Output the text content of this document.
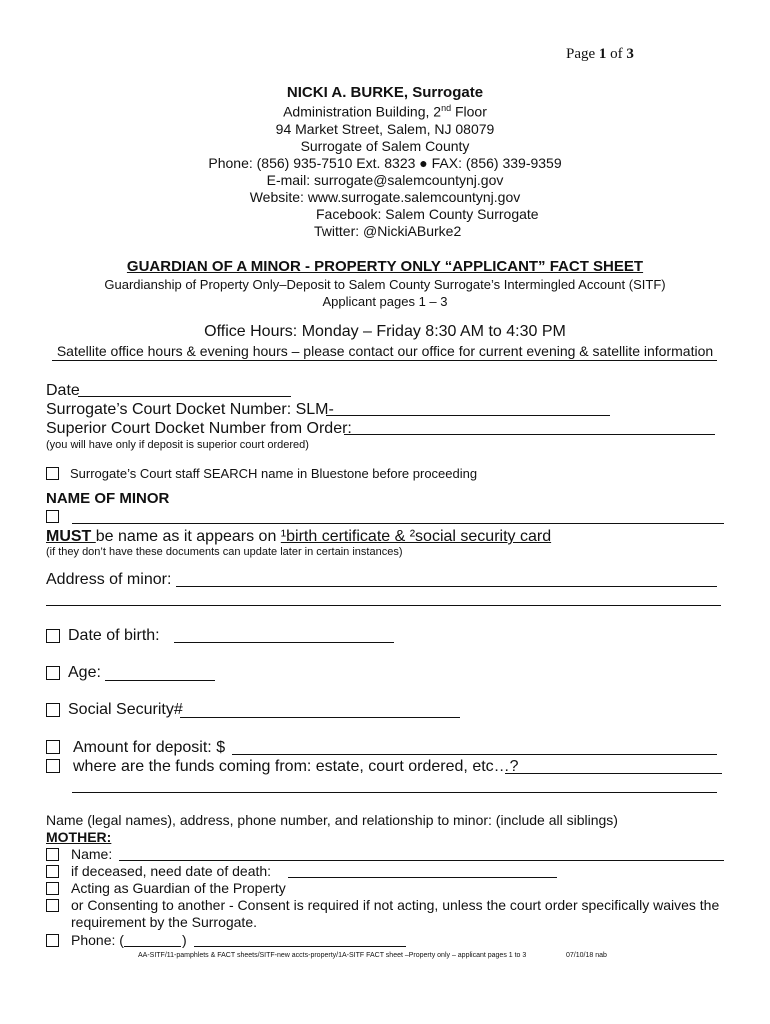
Page 1 of 3
NICKI A. BURKE, Surrogate
Administration Building, 2nd Floor
94 Market Street, Salem, NJ 08079
Surrogate of Salem County
Phone: (856) 935-7510 Ext. 8323 ● FAX: (856) 339-9359
E-mail: surrogate@salemcountynj.gov
Website: www.surrogate.salemcountynj.gov
Facebook: Salem County Surrogate
Twitter: @NickiABurke2
GUARDIAN OF A MINOR - PROPERTY ONLY “APPLICANT” FACT SHEET
Guardianship of Property Only–Deposit to Salem County Surrogate’s Intermingled Account (SITF)
Applicant pages 1 – 3
Office Hours: Monday – Friday 8:30 AM to 4:30 PM
Satellite office hours & evening hours – please contact our office for current evening & satellite information
Date
Surrogate’s Court Docket Number: SLM-
Superior Court Docket Number from Order:
(you will have only if deposit is superior court ordered)
Surrogate’s Court staff SEARCH name in Bluestone before proceeding
NAME OF MINOR
MUST be name as it appears on ¹birth certificate & ²social security card
(if they don’t have these documents can update later in certain instances)
Address of minor:
Date of birth:
Age:
Social Security#
Amount for deposit: $
where are the funds coming from: estate, court ordered, etc…?
Name (legal names), address, phone number, and relationship to minor: (include all siblings)
MOTHER:
Name:
if deceased, need date of death:
Acting as Guardian of the Property
or Consenting to another - Consent is required if not acting, unless the court order specifically waives the
requirement by the Surrogate.
Phone: (	)
AA-SITF/11-pamphlets & FACT sheets/SITF-new accts-property/1A-SITF FACT sheet –Property only – applicant pages 1 to 3	07/10/18 nab
